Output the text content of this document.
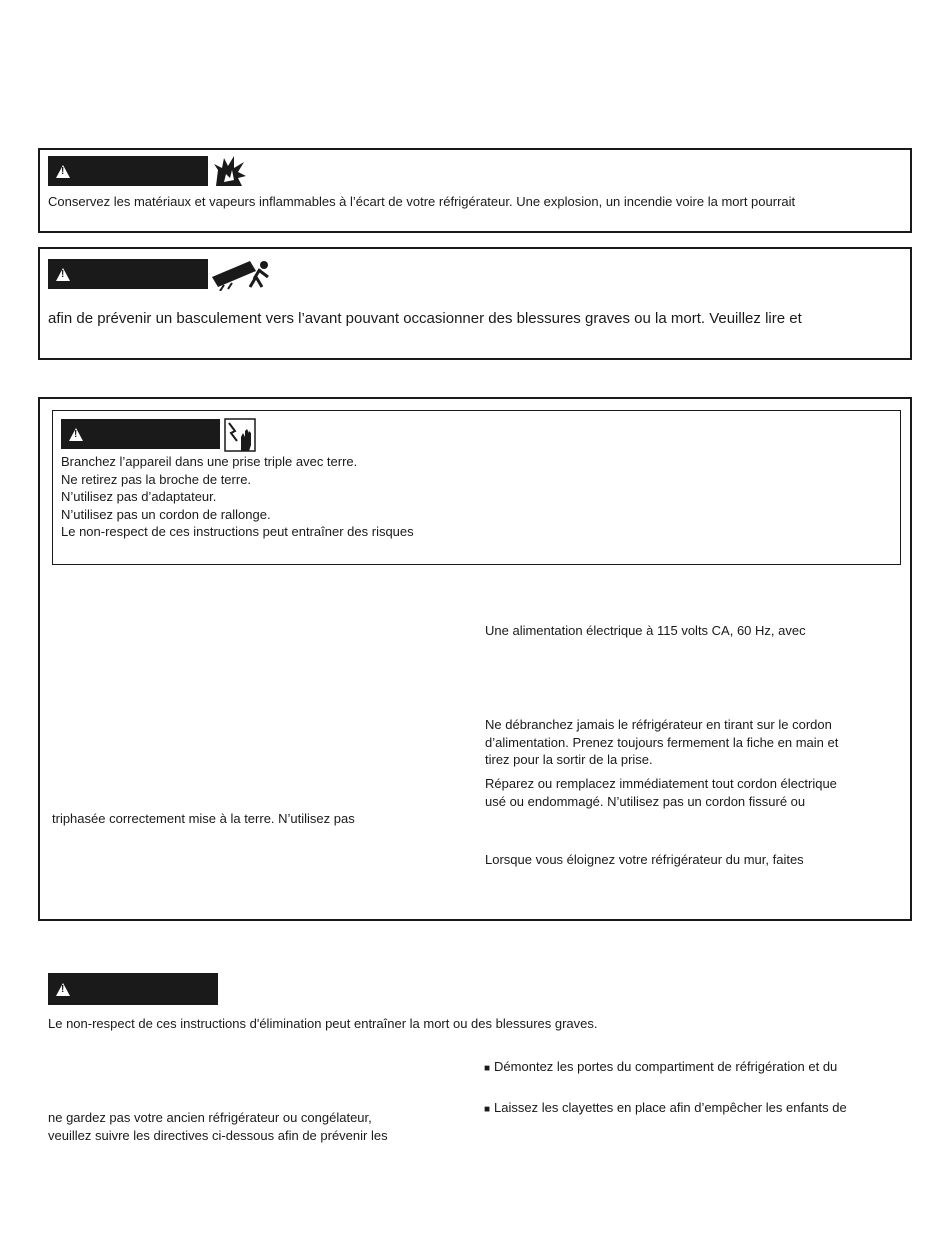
!
Conservez les matériaux et vapeurs inflammables à l’écart de votre réfrigérateur. Une explosion, un incendie voire la mort pourrait
!
afin de prévenir un basculement vers l’avant pouvant occasionner des blessures graves ou la mort. Veuillez lire et
!
Branchez l’appareil dans une prise triple avec terre.
Ne retirez pas la broche de terre.
N’utilisez pas d’adaptateur.
N’utilisez pas un cordon de rallonge.
Le non-respect de ces instructions peut entraîner des risques
triphasée correctement mise à la terre. N’utilisez pas
Une alimentation électrique à 115 volts CA, 60 Hz, avec
Ne débranchez jamais le réfrigérateur en tirant sur le cordon
d’alimentation. Prenez toujours fermement la fiche en main et
tirez pour la sortir de la prise.
Réparez ou remplacez immédiatement tout cordon électrique
usé ou endommagé. N’utilisez pas un cordon fissuré ou
Lorsque vous éloignez votre réfrigérateur du mur, faites
!
Le non-respect de ces instructions d'élimination peut entraîner la mort ou des blessures graves.
ne gardez pas votre ancien réfrigérateur ou congélateur,
veuillez suivre les directives ci-dessous afin de prévenir les
■ Démontez les portes du compartiment de réfrigération et du
■ Laissez les clayettes en place afin d’empêcher les enfants de
